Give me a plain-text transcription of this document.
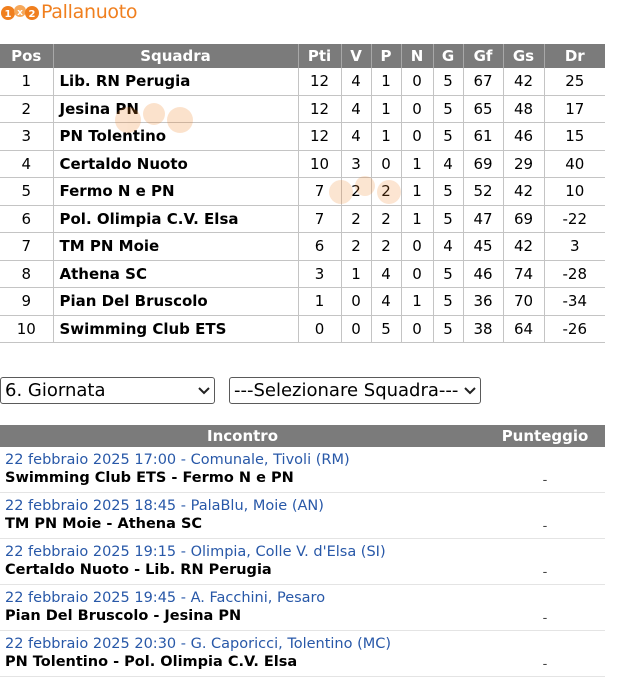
1 x 2 Pallanuoto
Pos	Squadra	Pti	V	P	N	G	Gf	Gs	Dr
1	Lib. RN Perugia	12	4	1	0	5	67	42	25
2	Jesina PN	12	4	1	0	5	65	48	17
3	PN Tolentino	12	4	1	0	5	61	46	15
4	Certaldo Nuoto	10	3	0	1	4	69	29	40
5	Fermo N e PN	7	2	2	1	5	52	42	10
6	Pol. Olimpia C.V. Elsa	7	2	2	1	5	47	69	-22
7	TM PN Moie	6	2	2	0	4	45	42	3
8	Athena SC	3	1	4	0	5	46	74	-28
9	Pian Del Bruscolo	1	0	4	1	5	36	70	-34
10	Swimming Club ETS	0	0	5	0	5	38	64	-26
6. Giornata	---Selezionare Squadra---
Incontro	Punteggio
22 febbraio 2025 17:00 - Comunale, Tivoli (RM)
Swimming Club ETS - Fermo N e PN	-
22 febbraio 2025 18:45 - PalaBlu, Moie (AN)
TM PN Moie - Athena SC	-
22 febbraio 2025 19:15 - Olimpia, Colle V. d'Elsa (SI)
Certaldo Nuoto - Lib. RN Perugia	-
22 febbraio 2025 19:45 - A. Facchini, Pesaro
Pian Del Bruscolo - Jesina PN	-
22 febbraio 2025 20:30 - G. Caporicci, Tolentino (MC)
PN Tolentino - Pol. Olimpia C.V. Elsa	-
